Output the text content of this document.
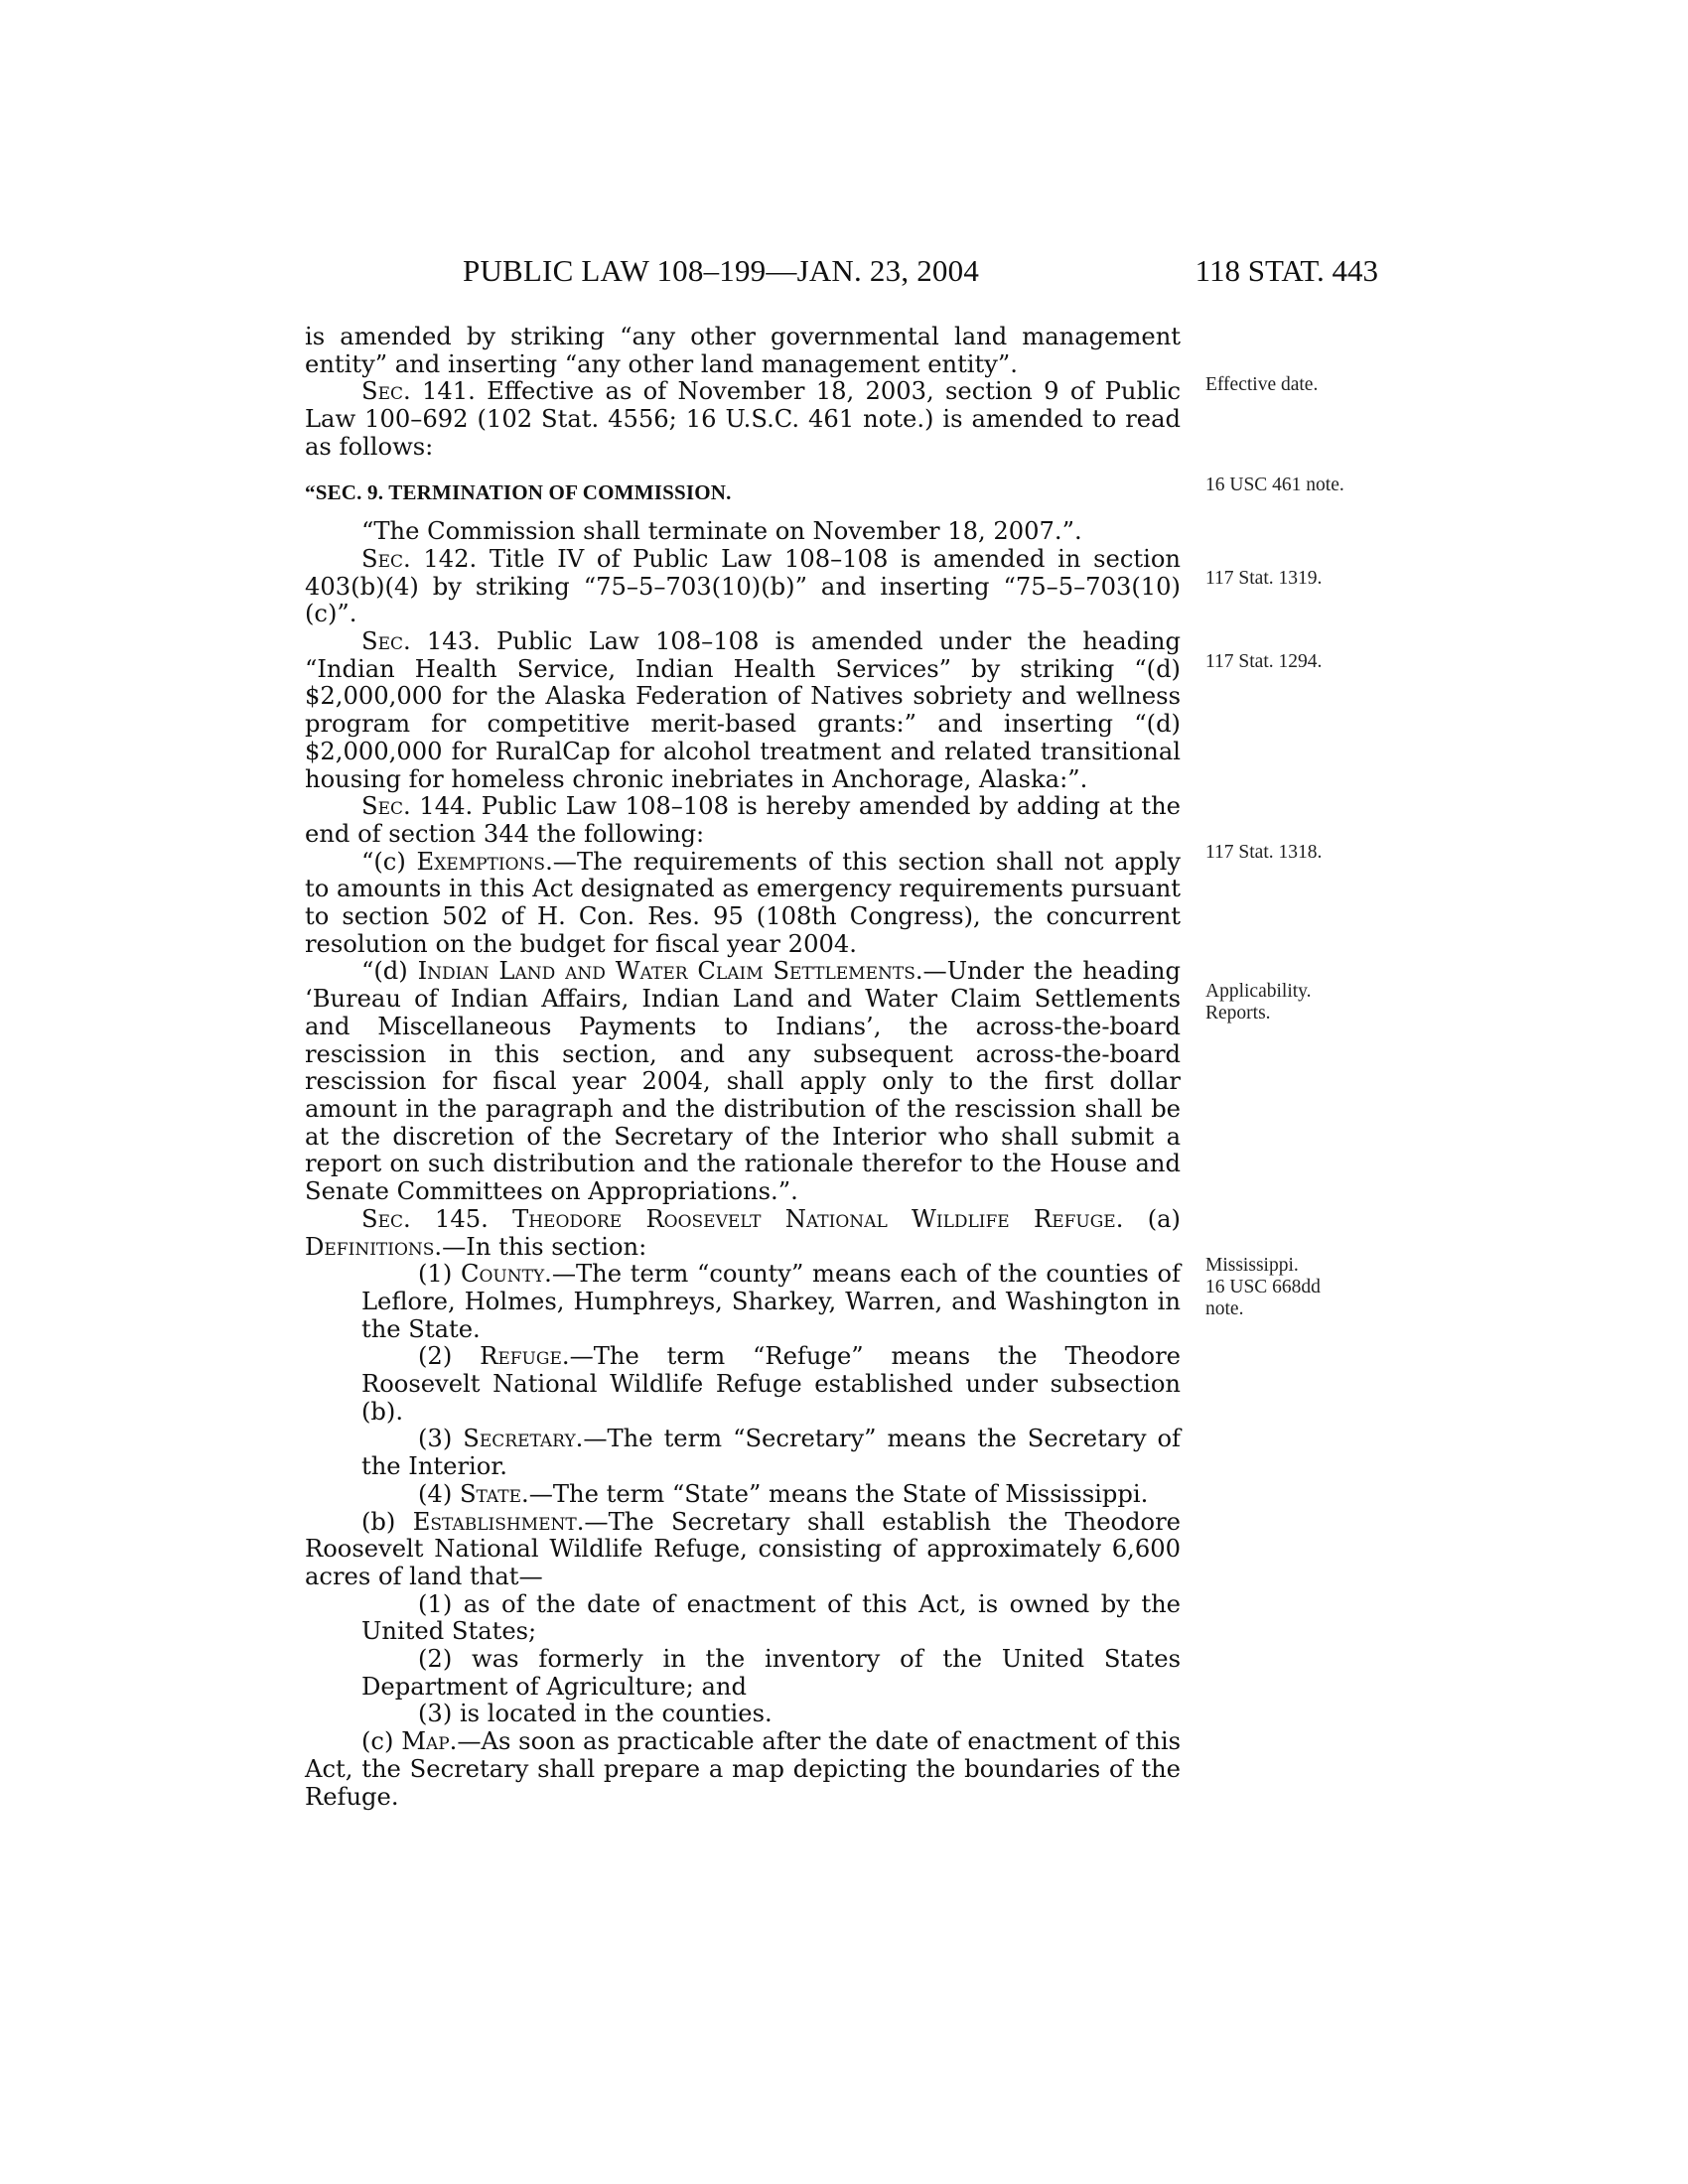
PUBLIC LAW 108–199—JAN. 23, 2004	118 STAT. 443

is amended by striking “any other governmental land management entity” and inserting “any other land management entity”.

Sec. 141. Effective as of November 18, 2003, section 9 of Public Law 100–692 (102 Stat. 4556; 16 U.S.C. 461 note.) is amended to read as follows:

“SEC. 9. TERMINATION OF COMMISSION.

“The Commission shall terminate on November 18, 2007.”.

Sec. 142. Title IV of Public Law 108–108 is amended in section 403(b)(4) by striking “75–5–703(10)(b)” and inserting “75–5–703(10)(c)”.

Sec. 143. Public Law 108–108 is amended under the heading “Indian Health Service, Indian Health Services” by striking “(d) $2,000,000 for the Alaska Federation of Natives sobriety and wellness program for competitive merit-based grants:” and inserting “(d) $2,000,000 for RuralCap for alcohol treatment and related transitional housing for homeless chronic inebriates in Anchorage, Alaska:”.

Sec. 144. Public Law 108–108 is hereby amended by adding at the end of section 344 the following:

“(c) Exemptions.—The requirements of this section shall not apply to amounts in this Act designated as emergency requirements pursuant to section 502 of H. Con. Res. 95 (108th Congress), the concurrent resolution on the budget for fiscal year 2004.

“(d) Indian Land and Water Claim Settlements.—Under the heading ‘Bureau of Indian Affairs, Indian Land and Water Claim Settlements and Miscellaneous Payments to Indians’, the across-the-board rescission in this section, and any subsequent across-the-board rescission for fiscal year 2004, shall apply only to the first dollar amount in the paragraph and the distribution of the rescission shall be at the discretion of the Secretary of the Interior who shall submit a report on such distribution and the rationale therefor to the House and Senate Committees on Appropriations.”.

Sec. 145. Theodore Roosevelt National Wildlife Refuge. (a) Definitions.—In this section:

(1) County.—The term “county” means each of the counties of Leflore, Holmes, Humphreys, Sharkey, Warren, and Washington in the State.

(2) Refuge.—The term “Refuge” means the Theodore Roosevelt National Wildlife Refuge established under subsection (b).

(3) Secretary.—The term “Secretary” means the Secretary of the Interior.

(4) State.—The term “State” means the State of Mississippi.

(b) Establishment.—The Secretary shall establish the Theodore Roosevelt National Wildlife Refuge, consisting of approximately 6,600 acres of land that—

(1) as of the date of enactment of this Act, is owned by the United States;

(2) was formerly in the inventory of the United States Department of Agriculture; and

(3) is located in the counties.

(c) Map.—As soon as practicable after the date of enactment of this Act, the Secretary shall prepare a map depicting the boundaries of the Refuge.

Effective date.
16 USC 461 note.
117 Stat. 1319.
117 Stat. 1294.
117 Stat. 1318.
Applicability.
Reports.
Mississippi.
16 USC 668dd
note.
